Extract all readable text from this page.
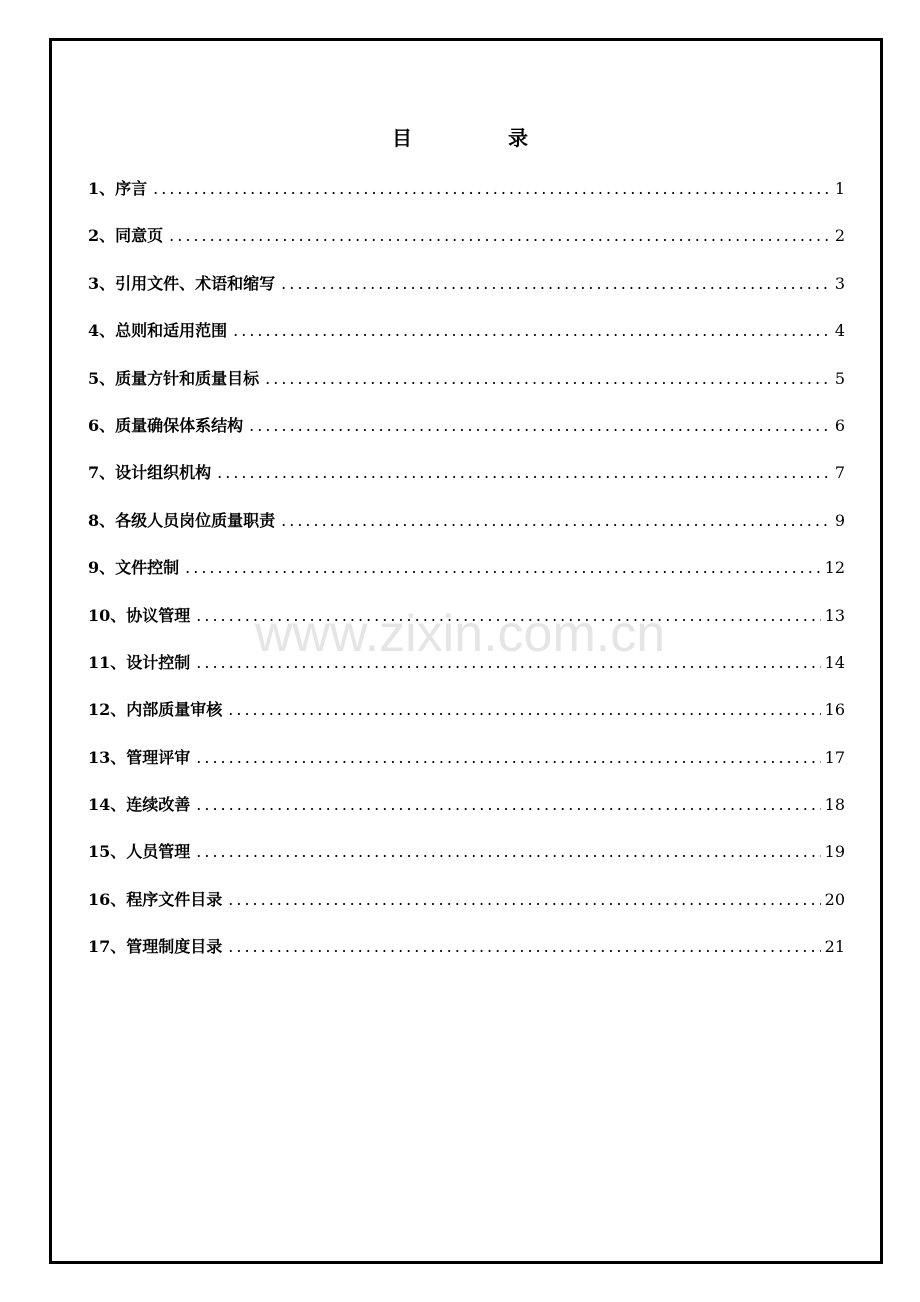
目	录
www.zixin.com.cn
1、序言 .....	1
2、同意页 .....	2
3、引用文件、术语和缩写 .....	3
4、总则和适用范围 .....	4
5、质量方针和质量目标 .....	5
6、质量确保体系结构 .....	6
7、设计组织机构 .....	7
8、各级人员岗位质量职责 .....	9
9、文件控制 .....	12
10、协议管理 .....	13
11、设计控制 .....	14
12、内部质量审核 .....	16
13、管理评审 .....	17
14、连续改善 .....	18
15、人员管理 .....	19
16、程序文件目录 .....	20
17、管理制度目录 .....	21
